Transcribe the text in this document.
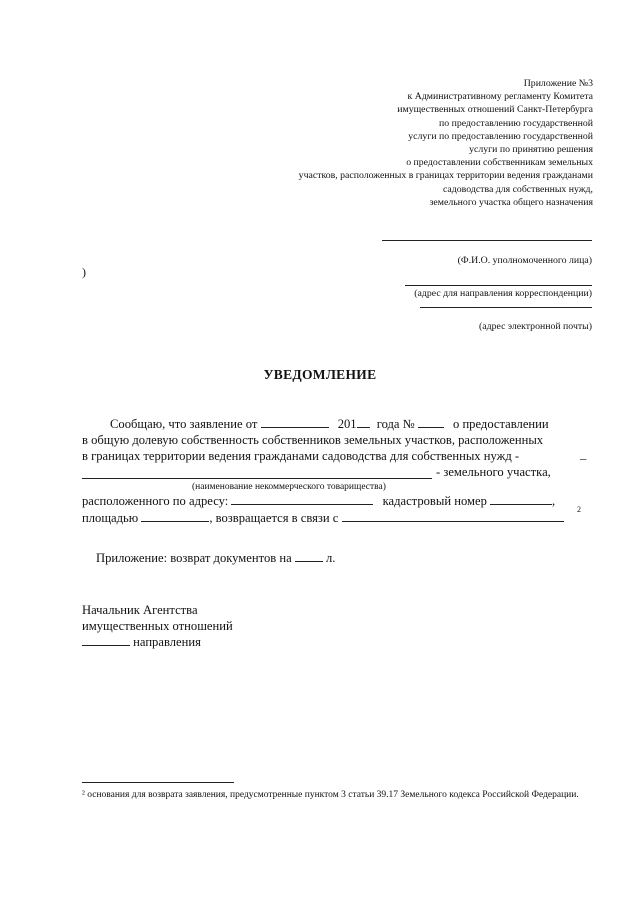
Приложение №3
к Административному регламенту Комитета
имущественных отношений Санкт-Петербурга
по предоставлению государственной
услуги по предоставлению государственной
услуги по принятию решения
о предоставлении собственникам земельных
участков, расположенных в границах территории ведения гражданами
садоводства для собственных нужд,
земельного участка общего назначения
(Ф.И.О. уполномоченного лица)
)
(адрес для направления корреспонденции)
(адрес электронной почты)
УВЕДОМЛЕНИЕ
Сообщаю, что заявление от	201 года №	о предоставлении
в общую долевую собственность собственников земельных участков, расположенных
в границах территории ведения гражданами садоводства для собственных нужд -	_
- земельного участка,
(наименование некоммерческого товарищества)
расположенного по адресу:	кадастровый номер	,
площадью	, возвращается в связи с
2
Приложение: возврат документов на	л.
Начальник Агентства
имущественных отношений
направления
² основания для возврата заявления, предусмотренные пунктом 3 статьи 39.17 Земельного кодекса Российской Федерации.
